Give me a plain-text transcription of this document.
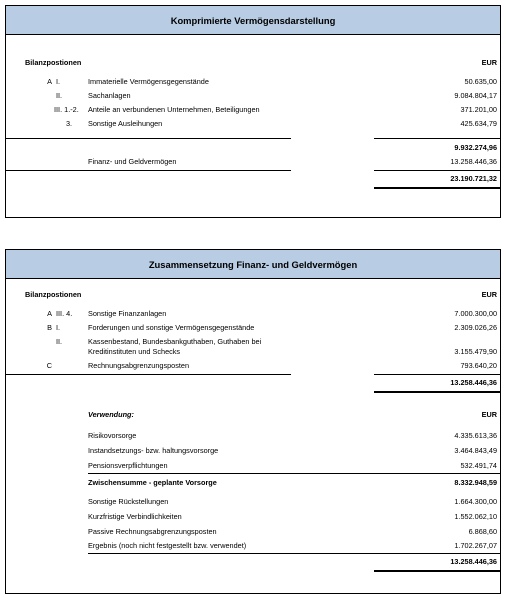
Komprimierte Vermögensdarstellung
Bilanzpostionen	EUR
A I.	Immaterielle Vermögensgegenstände	50.635,00
II.	Sachanlagen	9.084.804,17
III. 1.-2. Anteile an verbundenen Unternehmen, Beteiligungen	371.201,00
3. Sonstige Ausleihungen	425.634,79
9.932.274,96
Finanz- und Geldvermögen	13.258.446,36
23.190.721,32
Zusammensetzung Finanz- und Geldvermögen
Bilanzpostionen	EUR
A III. 4. Sonstige Finanzanlagen	7.000.300,00
B I.	Forderungen und sonstige Vermögensgegenstände	2.309.026,26
II.	Kassenbestand, Bundesbankguthaben, Guthaben bei Kreditinstituten und Schecks	3.155.479,90
C	Rechnungsabgrenzungsposten	793.640,20
13.258.446,36
Verwendung:	EUR
Risikovorsorge	4.335.613,36
Instandsetzungs- bzw. haltungsvorsorge	3.464.843,49
Pensionsverpflichtungen	532.491,74
Zwischensumme - geplante Vorsorge	8.332.948,59
Sonstige Rückstellungen	1.664.300,00
Kurzfristige Verbindlichkeiten	1.552.062,10
Passive Rechnungsabgrenzungsposten	6.868,60
Ergebnis (noch nicht festgestellt bzw. verwendet)	1.702.267,07
13.258.446,36
